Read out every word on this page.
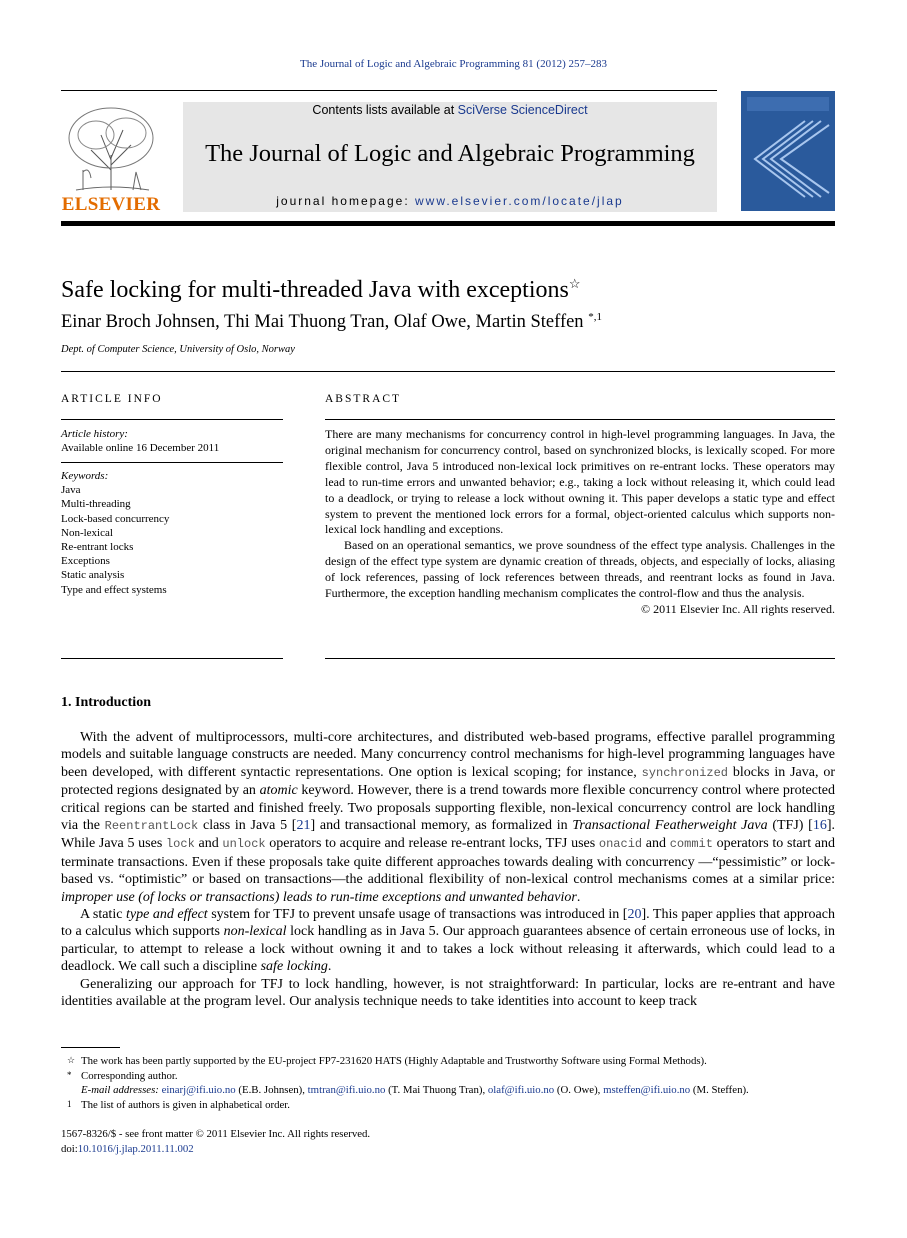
The Journal of Logic and Algebraic Programming 81 (2012) 257–283
ELSEVIER
Contents lists available at SciVerse ScienceDirect
The Journal of Logic and Algebraic Programming
journal homepage: www.elsevier.com/locate/jlap
Safe locking for multi-threaded Java with exceptions☆
Einar Broch Johnsen, Thi Mai Thuong Tran, Olaf Owe, Martin Steffen $^{*,1}$
Dept. of Computer Science, University of Oslo, Norway
ARTICLE INFO
Article history:
Available online 16 December 2011
Keywords:
Java
Multi-threading
Lock-based concurrency
Non-lexical
Re-entrant locks
Exceptions
Static analysis
Type and effect systems
ABSTRACT

There are many mechanisms for concurrency control in high-level programming languages. In Java, the original mechanism for concurrency control, based on synchronized blocks, is lexically scoped. For more flexible control, Java 5 introduced non-lexical lock primitives on re-entrant locks. These operators may lead to run-time errors and unwanted behavior; e.g., taking a lock without releasing it, which could lead to a deadlock, or trying to release a lock without owning it. This paper develops a static type and effect system to prevent the mentioned lock errors for a formal, object-oriented calculus which supports non-lexical lock handling and exceptions.

Based on an operational semantics, we prove soundness of the effect type analysis. Challenges in the design of the effect type system are dynamic creation of threads, objects, and especially of locks, aliasing of lock references, passing of lock references between threads, and reentrant locks as found in Java. Furthermore, the exception handling mechanism complicates the control-flow and thus the analysis.

© 2011 Elsevier Inc. All rights reserved.

1. Introduction

With the advent of multiprocessors, multi-core architectures, and distributed web-based programs, effective parallel programming models and suitable language constructs are needed. Many concurrency control mechanisms for high-level programming languages have been developed, with different syntactic representations. One option is lexical scoping; for instance, synchronized blocks in Java, or protected regions designated by an atomic keyword. However, there is a trend towards more flexible concurrency control where protected critical regions can be started and finished freely. Two proposals supporting flexible, non-lexical concurrency control are lock handling via the ReentrantLock class in Java 5 [21] and transactional memory, as formalized in Transactional Featherweight Java (TFJ) [16]. While Java 5 uses lock and unlock operators to acquire and release re-entrant locks, TFJ uses onacid and commit operators to start and terminate transactions. Even if these proposals take quite different approaches towards dealing with concurrency —“pessimistic” or lock-based vs. “optimistic” or based on transactions—the additional flexibility of non-lexical control mechanisms comes at a similar price: improper use (of locks or transactions) leads to run-time exceptions and unwanted behavior.

A static type and effect system for TFJ to prevent unsafe usage of transactions was introduced in [20]. This paper applies that approach to a calculus which supports non-lexical lock handling as in Java 5. Our approach guarantees absence of certain erroneous use of locks, in particular, to attempt to release a lock without owning it and to takes a lock without releasing it afterwards, which could lead to a deadlock. We call such a discipline safe locking.

Generalizing our approach for TFJ to lock handling, however, is not straightforward: In particular, locks are re-entrant and have identities available at the program level. Our analysis technique needs to take identities into account to keep track

☆ The work has been partly supported by the EU-project FP7-231620 HATS (Highly Adaptable and Trustworthy Software using Formal Methods).
* Corresponding author.
E-mail addresses: einarj@ifi.uio.no (E.B. Johnsen), tmtran@ifi.uio.no (T. Mai Thuong Tran), olaf@ifi.uio.no (O. Owe), msteffen@ifi.uio.no (M. Steffen).
1 The list of authors is given in alphabetical order.
1567-8326/$ - see front matter © 2011 Elsevier Inc. All rights reserved.
doi:10.1016/j.jlap.2011.11.002
